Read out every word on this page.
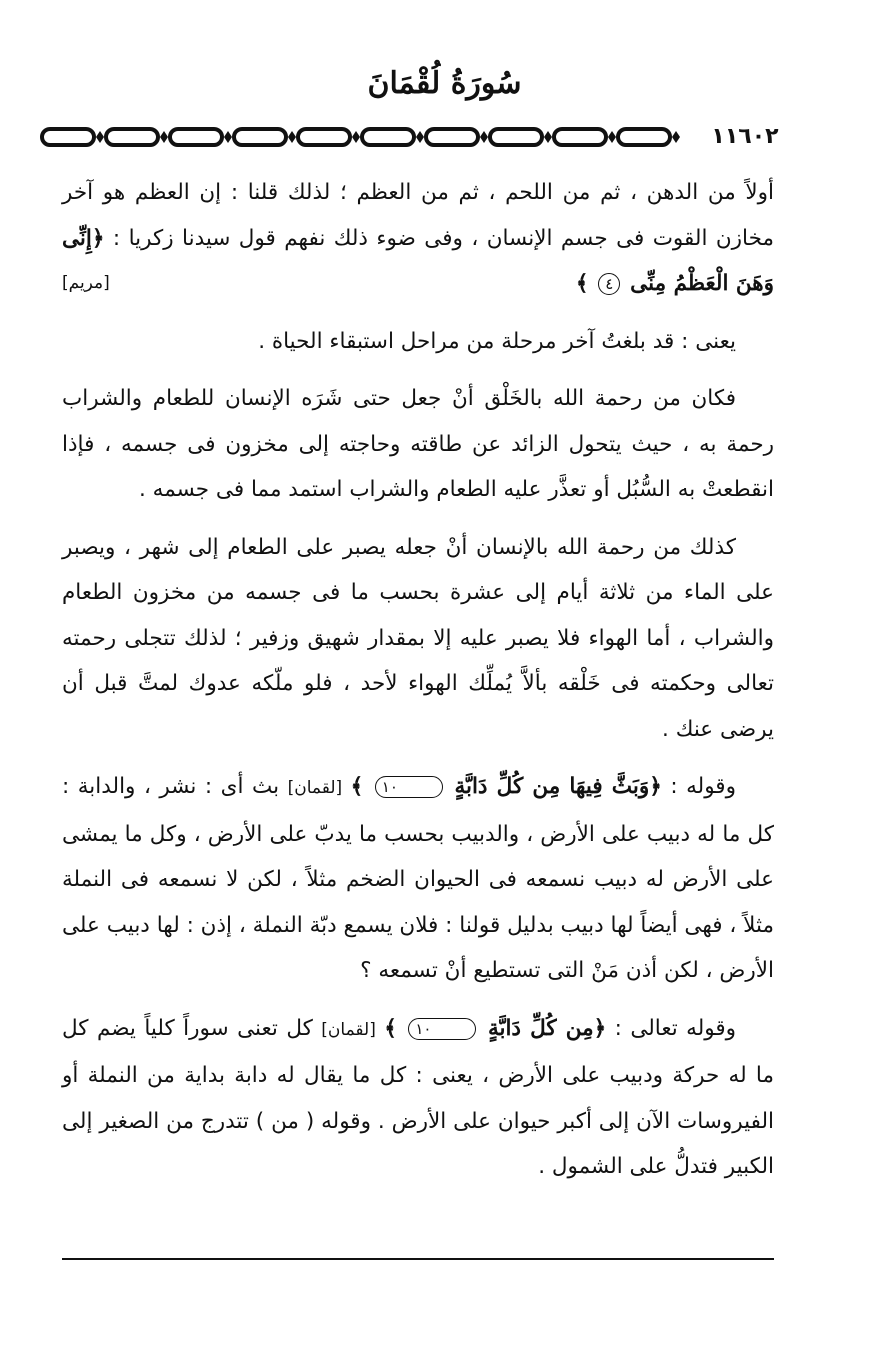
سُورَةُ لُقْمَانَ
١١٦٠٢

أولاً من الدهن ، ثم من اللحم ، ثم من العظم ؛ لذلك قلنا : إن العظم هو آخر مخازن القوت فى جسم الإنسان ، وفى ضوء ذلك نفهم قول سيدنا زكريا : ﴿إِنِّى وَهَنَ الْعَظْمُ مِنِّى ٤ ﴾
[مريم]

يعنى : قد بلغتُ آخر مرحلة من مراحل استبقاء الحياة .

فكان من رحمة الله بالخَلْق أنْ جعل حتى شَرَه الإنسان للطعام والشراب رحمة به ، حيث يتحول الزائد عن طاقته وحاجته إلى مخزون فى جسمه ، فإذا انقطعتْ به السُّبُل أو تعذَّر عليه الطعام والشراب استمد مما فى جسمه .

كذلك من رحمة الله بالإنسان أنْ جعله يصبر على الطعام إلى شهر ، ويصبر على الماء من ثلاثة أيام إلى عشرة بحسب ما فى جسمه من مخزون الطعام والشراب ، أما الهواء فلا يصبر عليه إلا بمقدار شهيق وزفير ؛ لذلك تتجلى رحمته تعالى وحكمته فى خَلْقه بألاَّ يُملِّك الهواء لأحد ، فلو ملّكه عدوك لمتَّ قبل أن يرضى عنك .

وقوله : ﴿وَبَثَّ فِيهَا مِن كُلِّ دَابَّةٍ ١٠ ﴾ [لقمان] بث أى : نشر ، والدابة : كل ما له دبيب على الأرض ، والدبيب بحسب ما يدبّ على الأرض ، وكل ما يمشى على الأرض له دبيب نسمعه فى الحيوان الضخم مثلاً ، لكن لا نسمعه فى النملة مثلاً ، فهى أيضاً لها دبيب بدليل قولنا : فلان يسمع دبّة النملة ، إذن : لها دبيب على الأرض ، لكن أذن مَنْ التى تستطيع أنْ تسمعه ؟

وقوله تعالى : ﴿مِن كُلِّ دَابَّةٍ ١٠ ﴾ [لقمان] كل تعنى سوراً كلياً يضم كل ما له حركة ودبيب على الأرض ، يعنى : كل ما يقال له دابة بداية من النملة أو الفيروسات الآن إلى أكبر حيوان على الأرض . وقوله ( من ) تتدرج من الصغير إلى الكبير فتدلُّ على الشمول .
